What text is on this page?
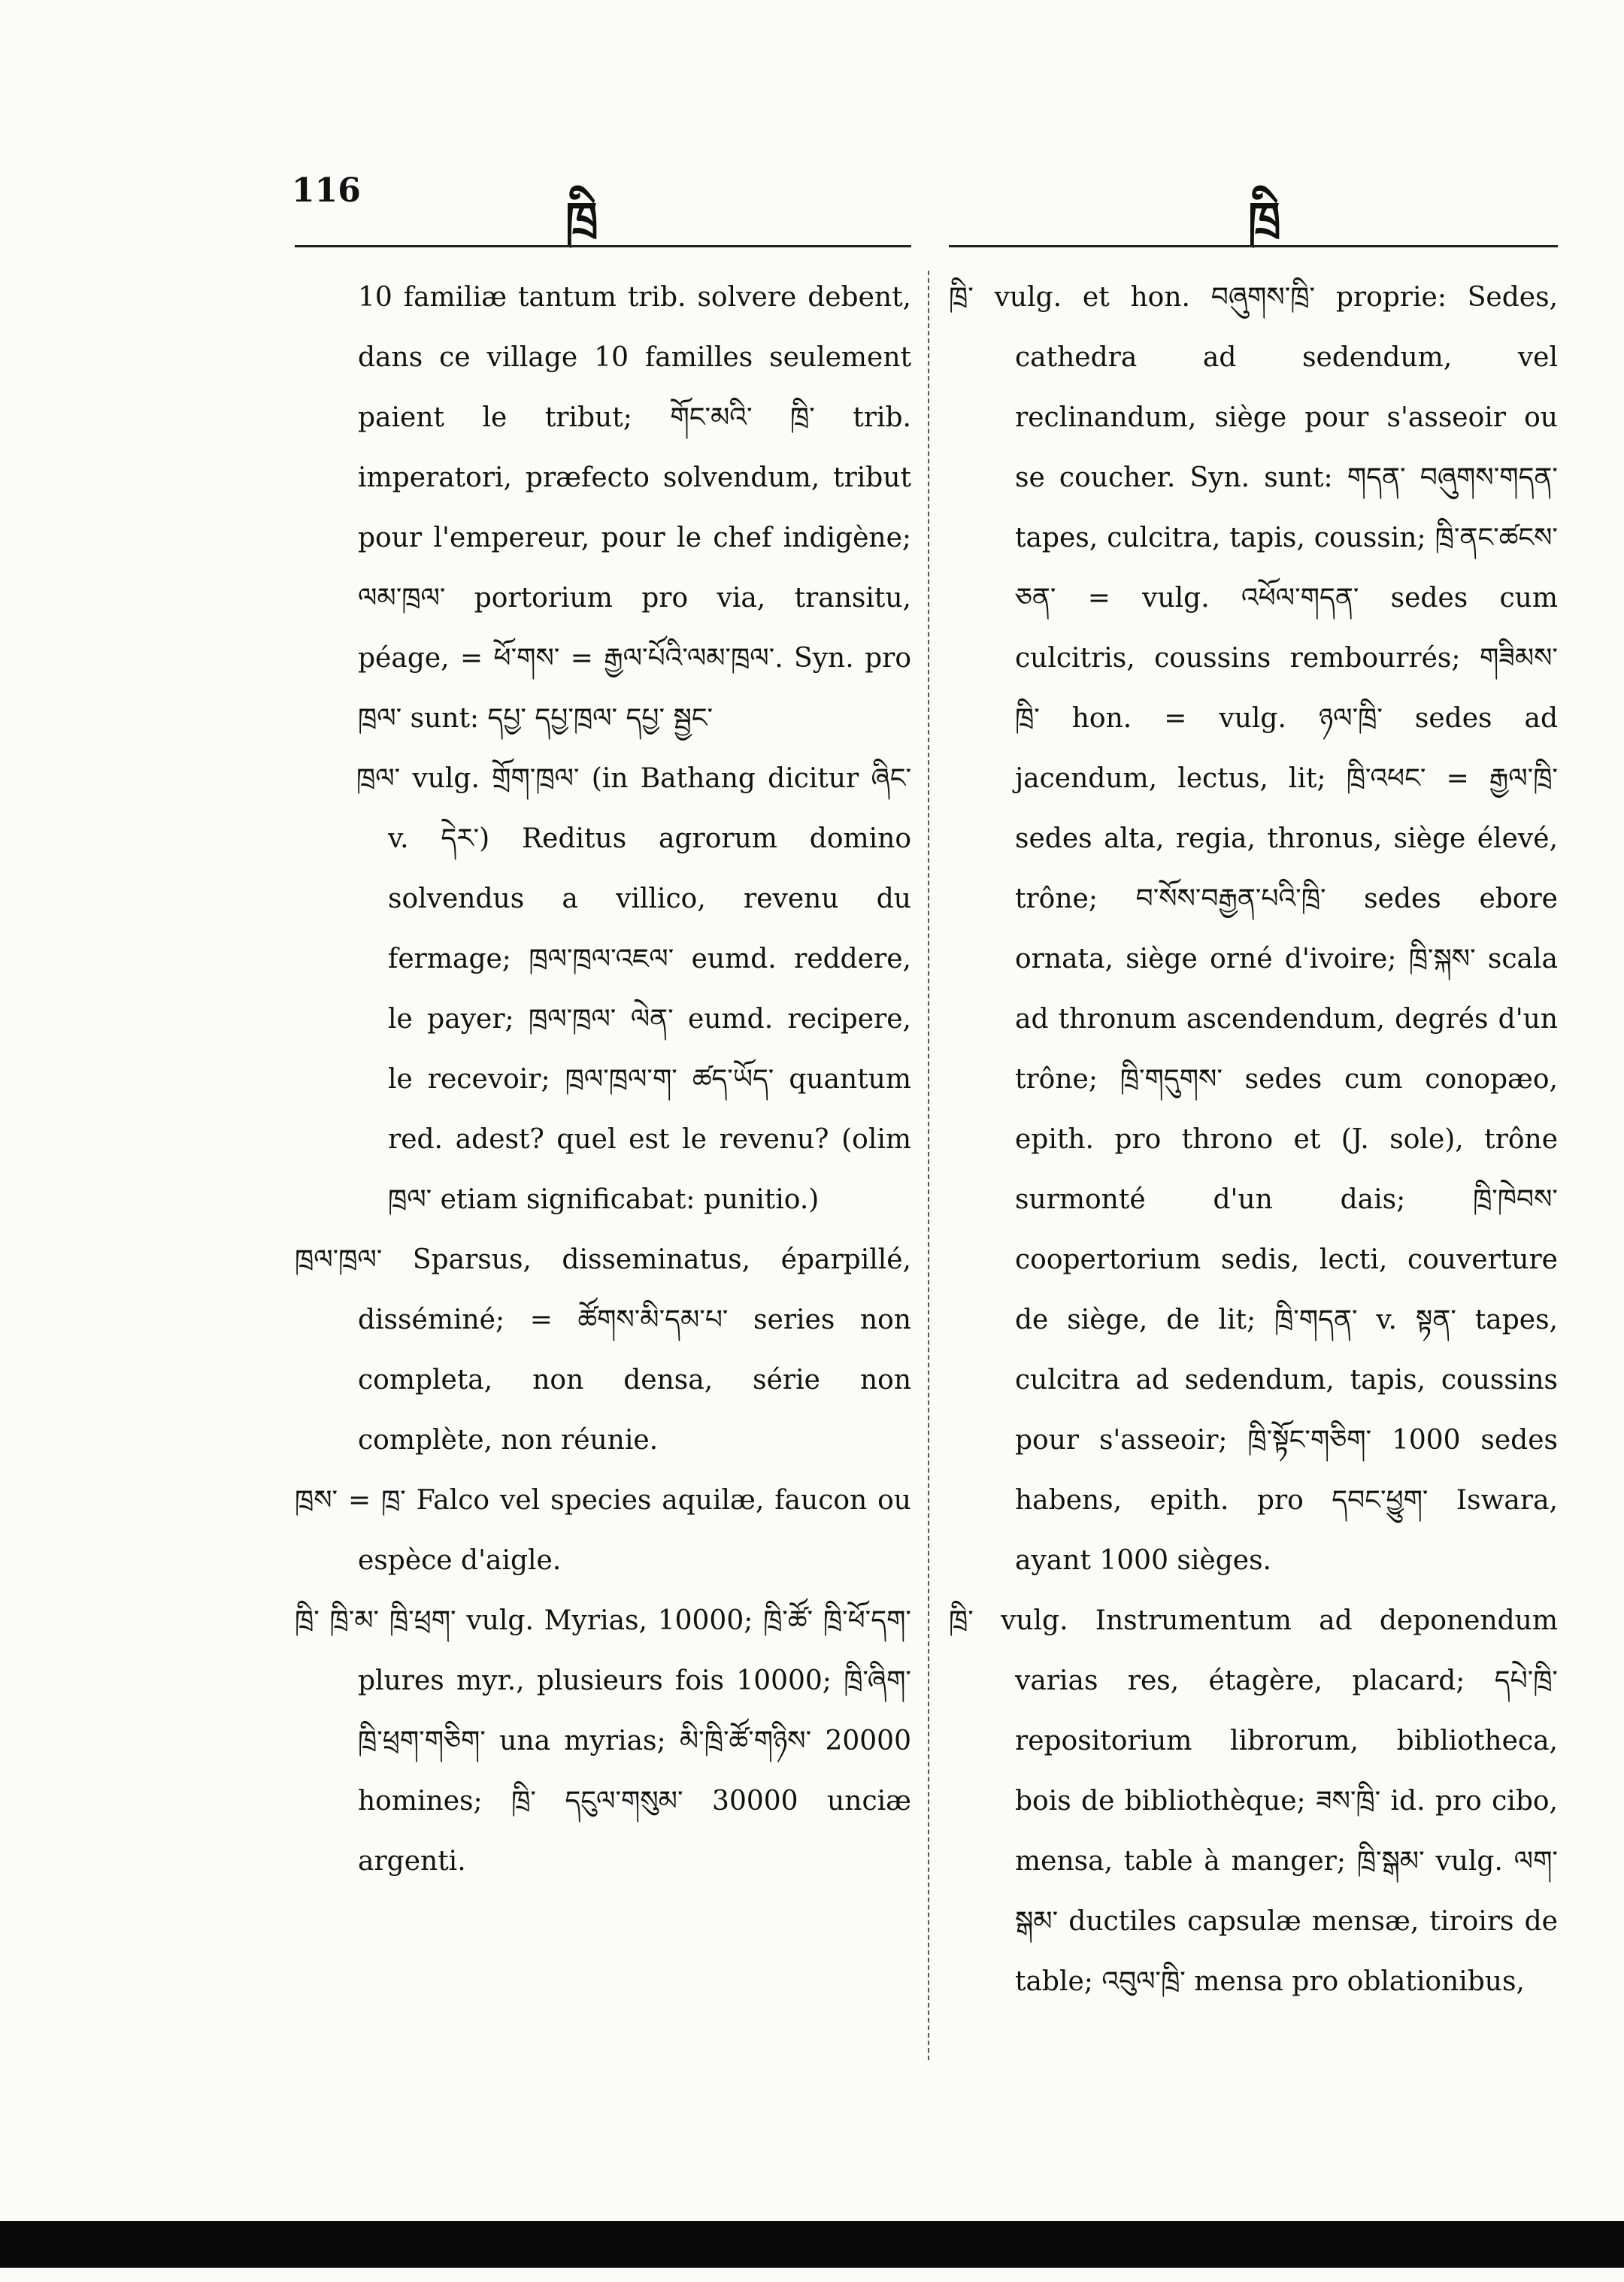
116
ཁྲི	ཁྲི

10 familiæ tantum trib. solvere debent, dans ce village 10 familles seulement paient le tribut; གོང་མའི་ ཁྲི་ trib. imperatori, præfecto solvendum, tribut pour l'empereur, pour le chef indigène; ལམ་ཁྲལ་ portorium pro via, transitu, péage, = ཕོ་གས་ = རྒྱལ་པོའི་ལམ་ཁྲལ་. Syn. pro ཁྲལ་ sunt: དཔྱ་ དཔྱ་ཁྲལ་ དཔྱ་ སྦྱང་

ཁྲལ་ vulg. གྲོག་ཁྲལ་ (in Bathang dicitur ཞིང་ v. དེར་) Reditus agrorum domino solvendus a villico, revenu du fermage; ཁྲལ་ཁྲལ་འཇལ་ eumd. reddere, le payer; ཁྲལ་ཁྲལ་ ལེན་ eumd. recipere, le recevoir; ཁྲལ་ཁྲལ་ག་ ཚད་ཡོད་ quantum red. adest? quel est le revenu? (olim ཁྲལ་ etiam significabat: punitio.)

ཁྲལ་ཁྲལ་ Sparsus, disseminatus, éparpillé, disséminé; = ཚོགས་མི་དམ་པ་ series non completa, non densa, série non complète, non réunie.

ཁྲས་ = ཁྲ་ Falco vel species aquilæ, faucon ou espèce d'aigle.

ཁྲི་ ཁྲི་མ་ ཁྲི་ཕྲག་ vulg. Myrias, 10000; ཁྲི་ཚོ་ ཁྲི་ཕོ་དག་ plures myr., plusieurs fois 10000; ཁྲི་ཞིག་ ཁྲི་ཕྲག་གཅིག་ una myrias; མི་ཁྲི་ཚོ་གཉིས་ 20000 homines; ཁྲི་ དངུལ་གསུམ་ 30000 unciæ argenti.

ཁྲི་ vulg. et hon. བཞུགས་ཁྲི་ proprie: Sedes, cathedra ad sedendum, vel reclinandum, siège pour s'asseoir ou se coucher. Syn. sunt: གདན་ བཞུགས་གདན་ tapes, culcitra, tapis, coussin; ཁྲི་ནང་ཚངས་ ཅན་ = vulg. འཕོལ་གདན་ sedes cum culcitris, coussins rembourrés; གཟིམས་ ཁྲི་ hon. = vulg. ཉལ་ཁྲི་ sedes ad jacendum, lectus, lit; ཁྲི་འཕང་ = རྒྱལ་ཁྲི་ sedes alta, regia, thronus, siège élevé, trône; བ་སོས་བརྒྱན་པའི་ཁྲི་ sedes ebore ornata, siège orné d'ivoire; ཁྲི་སྐས་ scala ad thronum ascendendum, degrés d'un trône; ཁྲི་གདུགས་ sedes cum conopæo, epith. pro throno et (J. sole), trône surmonté d'un dais; ཁྲི་ཁེབས་ coopertorium sedis, lecti, couverture de siège, de lit; ཁྲི་གདན་ v. སྟན་ tapes, culcitra ad sedendum, tapis, coussins pour s'asseoir; ཁྲི་སྟོང་གཅིག་ 1000 sedes habens, epith. pro དབང་ཕྱུག་ Iswara, ayant 1000 sièges.

ཁྲི་ vulg. Instrumentum ad deponendum varias res, étagère, placard; དཔེ་ཁྲི་ repositorium librorum, bibliotheca, bois de bibliothèque; ཟས་ཁྲི་ id. pro cibo, mensa, table à manger; ཁྲི་སྒམ་ vulg. ལག་ སྒམ་ ductiles capsulæ mensæ, tiroirs de table; འབུལ་ཁྲི་ mensa pro oblationibus,
